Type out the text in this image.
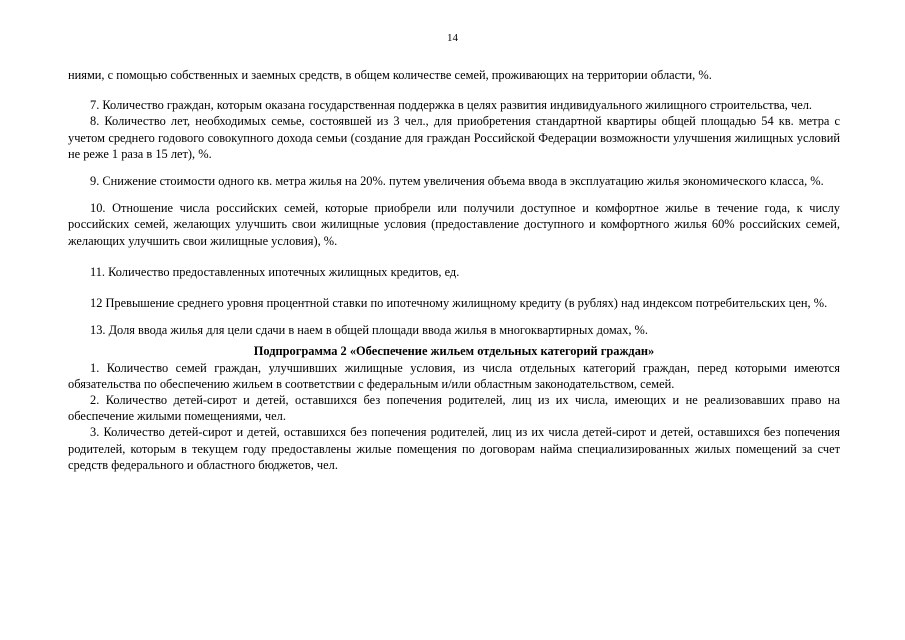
14

ниями, с помощью собственных и заемных средств, в общем количестве семей, проживающих на территории области, %.

7. Количество граждан, которым оказана государственная поддержка в целях развития индивидуального жилищного строительства, чел.

8. Количество лет, необходимых семье, состоявшей из 3 чел., для приобретения стандартной квартиры общей площадью 54 кв. метра с учетом среднего годового совокупного дохода семьи (создание для граждан Российской Федерации возможности улучшения жилищных условий не реже 1 раза в 15 лет), %.

9. Снижение стоимости одного кв. метра жилья на 20%. путем увеличения объема ввода в эксплуатацию жилья экономического класса, %.

10. Отношение числа российских семей, которые приобрели или получили доступное и комфортное жилье в течение года, к числу российских семей, желающих улучшить свои жилищные условия (предоставление доступного и комфортного жилья 60% российских семей, желающих улучшить свои жилищные условия), %.

11. Количество предоставленных ипотечных жилищных кредитов, ед.

12 Превышение среднего уровня процентной ставки по ипотечному жилищному кредиту (в рублях) над индексом потребительских цен, %.

13. Доля ввода жилья для цели сдачи в наем в общей площади ввода жилья в многоквартирных домах, %.

Подпрограмма 2 «Обеспечение жильем отдельных категорий граждан»

1. Количество семей граждан, улучшивших жилищные условия, из числа отдельных категорий граждан, перед которыми имеются обязательства по обеспечению жильем в соответствии с федеральным и/или областным законодательством, семей.

2. Количество детей-сирот и детей, оставшихся без попечения родителей, лиц из их числа, имеющих и не реализовавших право на обеспечение жилыми помещениями, чел.

3. Количество детей-сирот и детей, оставшихся без попечения родителей, лиц из их числа детей-сирот и детей, оставшихся без попечения родителей, которым в текущем году предоставлены жилые помещения по договорам найма специализированных жилых помещений за счет средств федерального и областного бюджетов, чел.
